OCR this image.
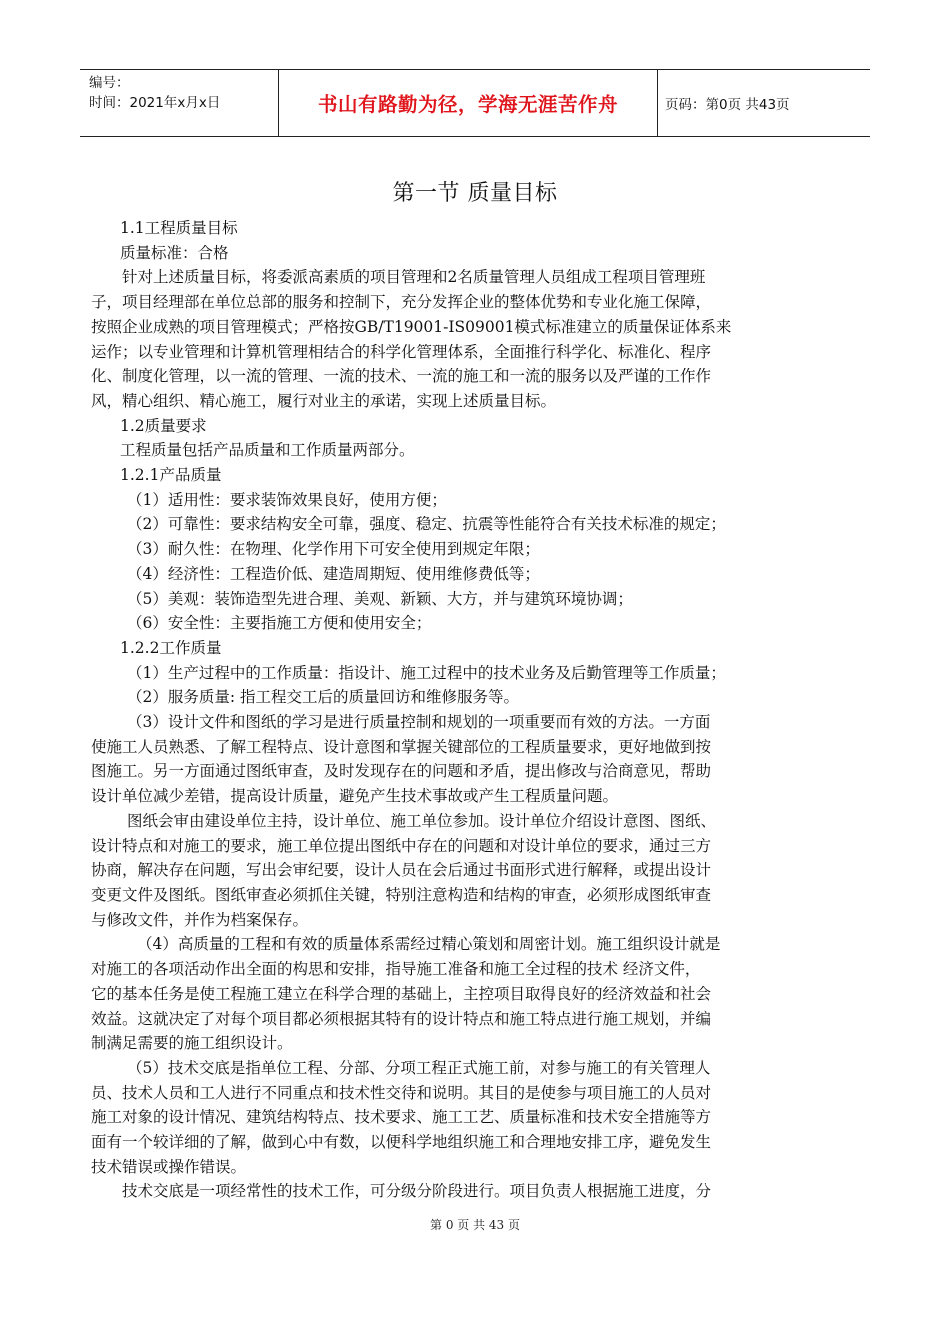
编号：
时间：2021年x月x日	书山有路勤为径，学海无涯苦作舟	页码：第0页 共43页
第一节 质量目标

1.1工程质量目标

质量标准：合格

针对上述质量目标，将委派高素质的项目管理和2名质量管理人员组成工程项目管理班
子，项目经理部在单位总部的服务和控制下，充分发挥企业的整体优势和专业化施工保障，
按照企业成熟的项目管理模式；严格按GB/T19001-IS09001模式标准建立的质量保证体系来
运作；以专业管理和计算机管理相结合的科学化管理体系，全面推行科学化、标准化、程序
化、制度化管理，以一流的管理、一流的技术、一流的施工和一流的服务以及严谨的工作作
风，精心组织、精心施工，履行对业主的承诺，实现上述质量目标。

1.2质量要求

工程质量包括产品质量和工作质量两部分。

1.2.1产品质量

（1）适用性：要求装饰效果良好，使用方便；

（2）可靠性：要求结构安全可靠，强度、稳定、抗震等性能符合有关技术标准的规定；

（3）耐久性：在物理、化学作用下可安全使用到规定年限；

（4）经济性：工程造价低、建造周期短、使用维修费低等；

（5）美观：装饰造型先进合理、美观、新颖、大方，并与建筑环境协调；

（6）安全性：主要指施工方便和使用安全；

1.2.2工作质量

（1）生产过程中的工作质量：指设计、施工过程中的技术业务及后勤管理等工作质量；

（2）服务质量: 指工程交工后的质量回访和维修服务等。

（3）设计文件和图纸的学习是进行质量控制和规划的一项重要而有效的方法。一方面
使施工人员熟悉、了解工程特点、设计意图和掌握关键部位的工程质量要求，更好地做到按
图施工。另一方面通过图纸审查，及时发现存在的问题和矛盾，提出修改与洽商意见，帮助
设计单位减少差错，提高设计质量，避免产生技术事故或产生工程质量问题。

图纸会审由建设单位主持，设计单位、施工单位参加。设计单位介绍设计意图、图纸、
设计特点和对施工的要求，施工单位提出图纸中存在的问题和对设计单位的要求，通过三方
协商，解决存在问题，写出会审纪要，设计人员在会后通过书面形式进行解释，或提出设计
变更文件及图纸。图纸审查必须抓住关键，特别注意构造和结构的审查，必须形成图纸审查
与修改文件，并作为档案保存。

（4）高质量的工程和有效的质量体系需经过精心策划和周密计划。施工组织设计就是
对施工的各项活动作出全面的构思和安排，指导施工准备和施工全过程的技术 经济文件，
它的基本任务是使工程施工建立在科学合理的基础上，主控项目取得良好的经济效益和社会
效益。这就决定了对每个项目都必须根据其特有的设计特点和施工特点进行施工规划，并编
制满足需要的施工组织设计。

（5）技术交底是指单位工程、分部、分项工程正式施工前，对参与施工的有关管理人
员、技术人员和工人进行不同重点和技术性交待和说明。其目的是使参与项目施工的人员对
施工对象的设计情况、建筑结构特点、技术要求、施工工艺、质量标准和技术安全措施等方
面有一个较详细的了解，做到心中有数，以便科学地组织施工和合理地安排工序，避免发生
技术错误或操作错误。

技术交底是一项经常性的技术工作，可分级分阶段进行。项目负责人根据施工进度，分

第 0 页 共 43 页
